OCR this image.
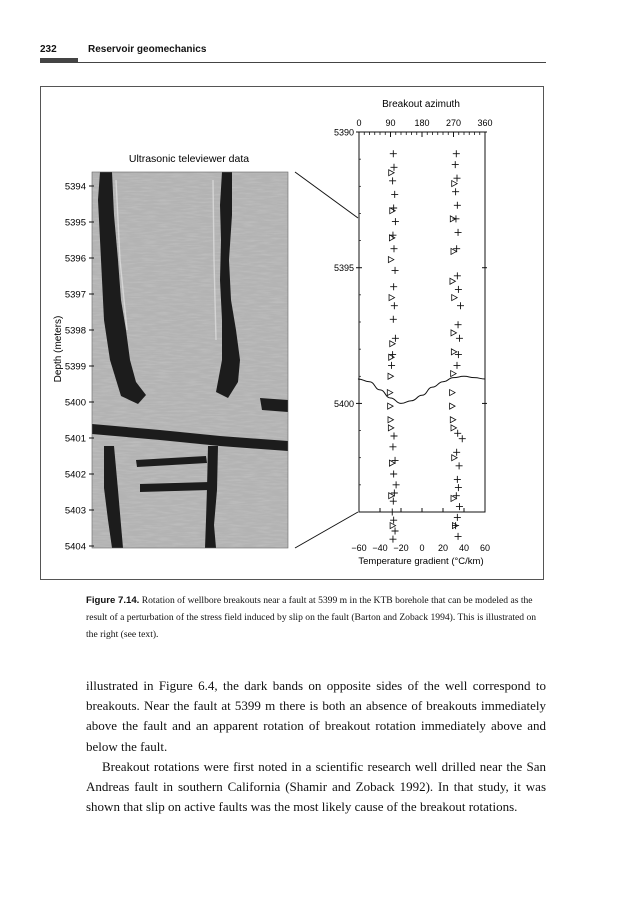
232	Reservoir geomechanics
Ultrasonic televiewer data
Depth (meters)
5394
5395
5396
5397
5398
5399
5400
5401
5402
5403
5404
Breakout azimuth
0	90 180 270 360
5390
5395
5400
−60 −40 −20 0 20 40 60
Temperature gradient (°C/km)
Figure 7.14. Rotation of wellbore breakouts near a fault at 5399 m in the KTB borehole that can be modeled as the result of a perturbation of the stress field induced by slip on the fault (Barton and Zoback 1994). This is illustrated on the right (see text).

illustrated in Figure 6.4, the dark bands on opposite sides of the well correspond to breakouts. Near the fault at 5399 m there is both an absence of breakouts immediately above the fault and an apparent rotation of breakout rotation immediately above and below the fault.

Breakout rotations were first noted in a scientific research well drilled near the San Andreas fault in southern California (Shamir and Zoback 1992). In that study, it was shown that slip on active faults was the most likely cause of the breakout rotations.
